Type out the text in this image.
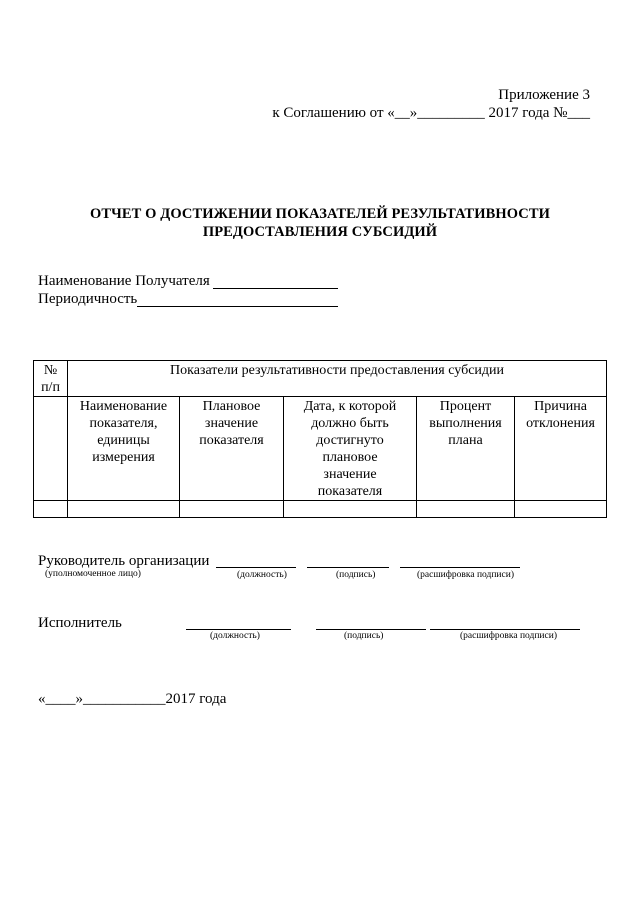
Приложение 3
к Соглашению от «__»_________ 2017 года №___
ОТЧЕТ О ДОСТИЖЕНИИ ПОКАЗАТЕЛЕЙ РЕЗУЛЬТАТИВНОСТИ
ПРЕДОСТАВЛЕНИЯ СУБСИДИЙ
Наименование Получателя
Периодичность
№
п/п	Показатели результативности предоставления субсидии				

	Наименование показателя, единицы измерения	Плановое значение показателя	Дата, к которой должно быть достигнуто плановое значение показателя	Процент выполнения плана	Причина отклонения

Руководитель организации
(уполномоченное лицо)	(должность)	(подпись)	(расшифровка подписи)
Исполнитель
(должность)	(подпись)	(расшифровка подписи)
«____»___________2017 года
